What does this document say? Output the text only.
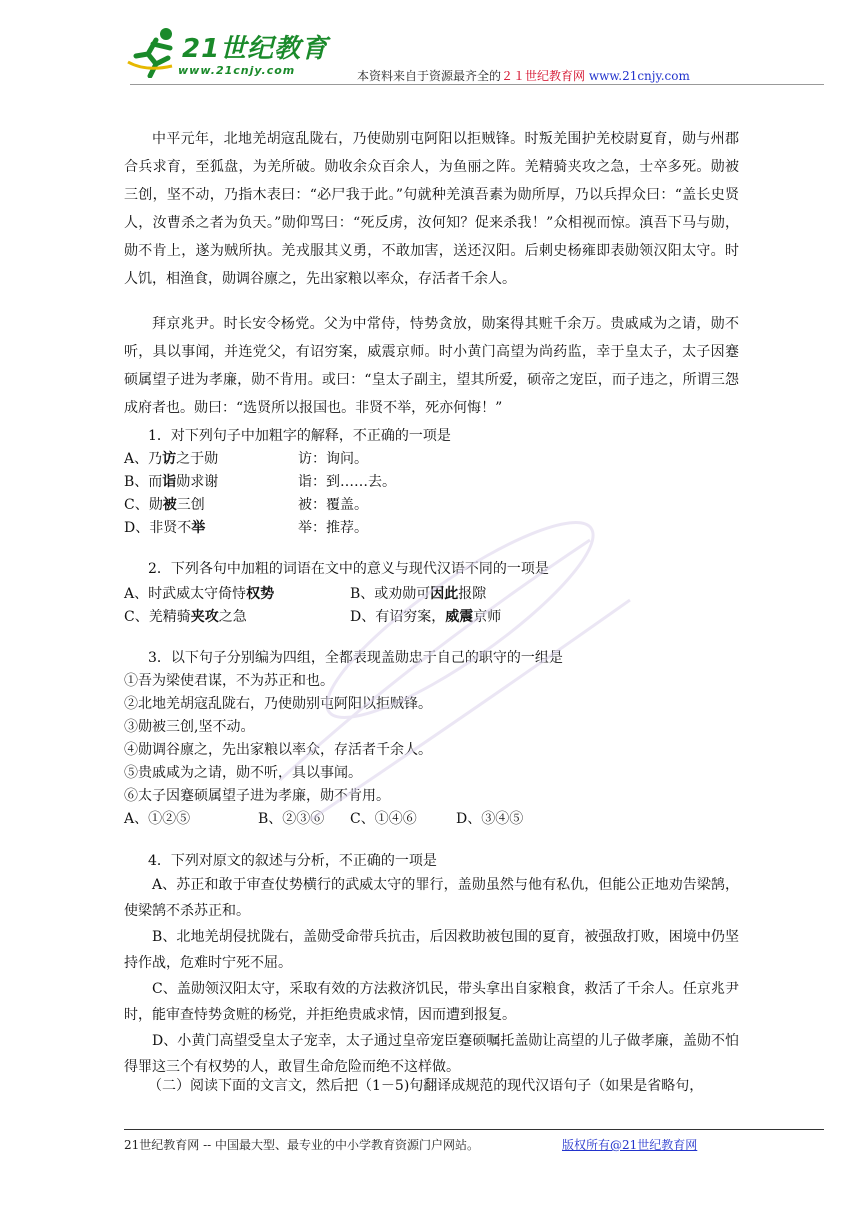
21世纪教育
www.21cnjy.com	本资料来自于资源最齐全的２１世纪教育网 www.21cnjy.com
中平元年，北地羌胡寇乱陇右，乃使勋别屯阿阳以拒贼锋。时叛羌围护羌校尉夏育，勋与州郡合兵求育，至狐盘，为羌所破。勋收余众百余人，为鱼丽之阵。羌精骑夹攻之急，士卒多死。勋被三创，坚不动，乃指木表曰：“必尸我于此。”句就种羌滇吾素为勋所厚，乃以兵捍众曰：“盖长史贤人，汝曹杀之者为负天。”勋仰骂曰：“死反虏，汝何知？促来杀我！”众相视而惊。滇吾下马与勋，勋不肯上，遂为贼所执。羌戎服其义勇，不敢加害，送还汉阳。后刺史杨雍即表勋领汉阳太守。时人饥，相渔食，勋调谷廪之，先出家粮以率众，存活者千余人。
拜京兆尹。时长安令杨党。父为中常侍，恃势贪放，勋案得其赃千余万。贵戚咸为之请，勋不听，具以事闻，并连党父，有诏穷案，威震京师。时小黄门高望为尚药监，幸于皇太子，太子因蹇硕属望子进为孝廉，勋不肯用。或曰：“皇太子副主，望其所爱，硕帝之宠臣，而子违之，所谓三怨成府者也。勋曰：“选贤所以报国也。非贤不举，死亦何悔！”
1．对下列句子中加粗字的解释，不正确的一项是
A、乃访之于勋	访：询问。
B、而诣勋求谢	诣：到……去。
C、勋被三创	被：覆盖。
D、非贤不举	举：推荐。
2．下列各句中加粗的词语在文中的意义与现代汉语不同的一项是
A、时武威太守倚恃权势	B、或劝勋可因此报隙
C、羌精骑夹攻之急	D、有诏穷案，威震京师
3．以下句子分别编为四组，全都表现盖勋忠于自己的职守的一组是
①吾为梁使君谋，不为苏正和也。
②北地羌胡寇乱陇右，乃使勋别屯阿阳以拒贼锋。
③勋被三创,坚不动。
④勋调谷廪之，先出家粮以率众，存活者千余人。
⑤贵戚咸为之请，勋不听，具以事闻。
⑥太子因蹇硕属望子进为孝廉，勋不肯用。
A、①②⑤	B、②③⑥ C、①④⑥	D、③④⑤
4．下列对原文的叙述与分析，不正确的一项是
A、苏正和敢于审查仗势横行的武威太守的罪行，盖勋虽然与他有私仇，但能公正地劝告梁鹄，使梁鹄不杀苏正和。
B、北地羌胡侵扰陇右，盖勋受命带兵抗击，后因救助被包围的夏育，被强敌打败，困境中仍坚持作战，危难时宁死不屈。
C、盖勋领汉阳太守，采取有效的方法救济饥民，带头拿出自家粮食，救活了千余人。任京兆尹时，能审查恃势贪赃的杨党，并拒绝贵戚求情，因而遭到报复。
D、小黄门高望受皇太子宠幸，太子通过皇帝宠臣蹇硕嘱托盖勋让高望的儿子做孝廉，盖勋不怕得罪这三个有权势的人，敢冒生命危险而绝不这样做。
（二）阅读下面的文言文，然后把（1－5)句翻译成规范的现代汉语句子（如果是省略句，
21世纪教育网 -- 中国最大型、最专业的中小学教育资源门户网站。	版权所有@21世纪教育网
